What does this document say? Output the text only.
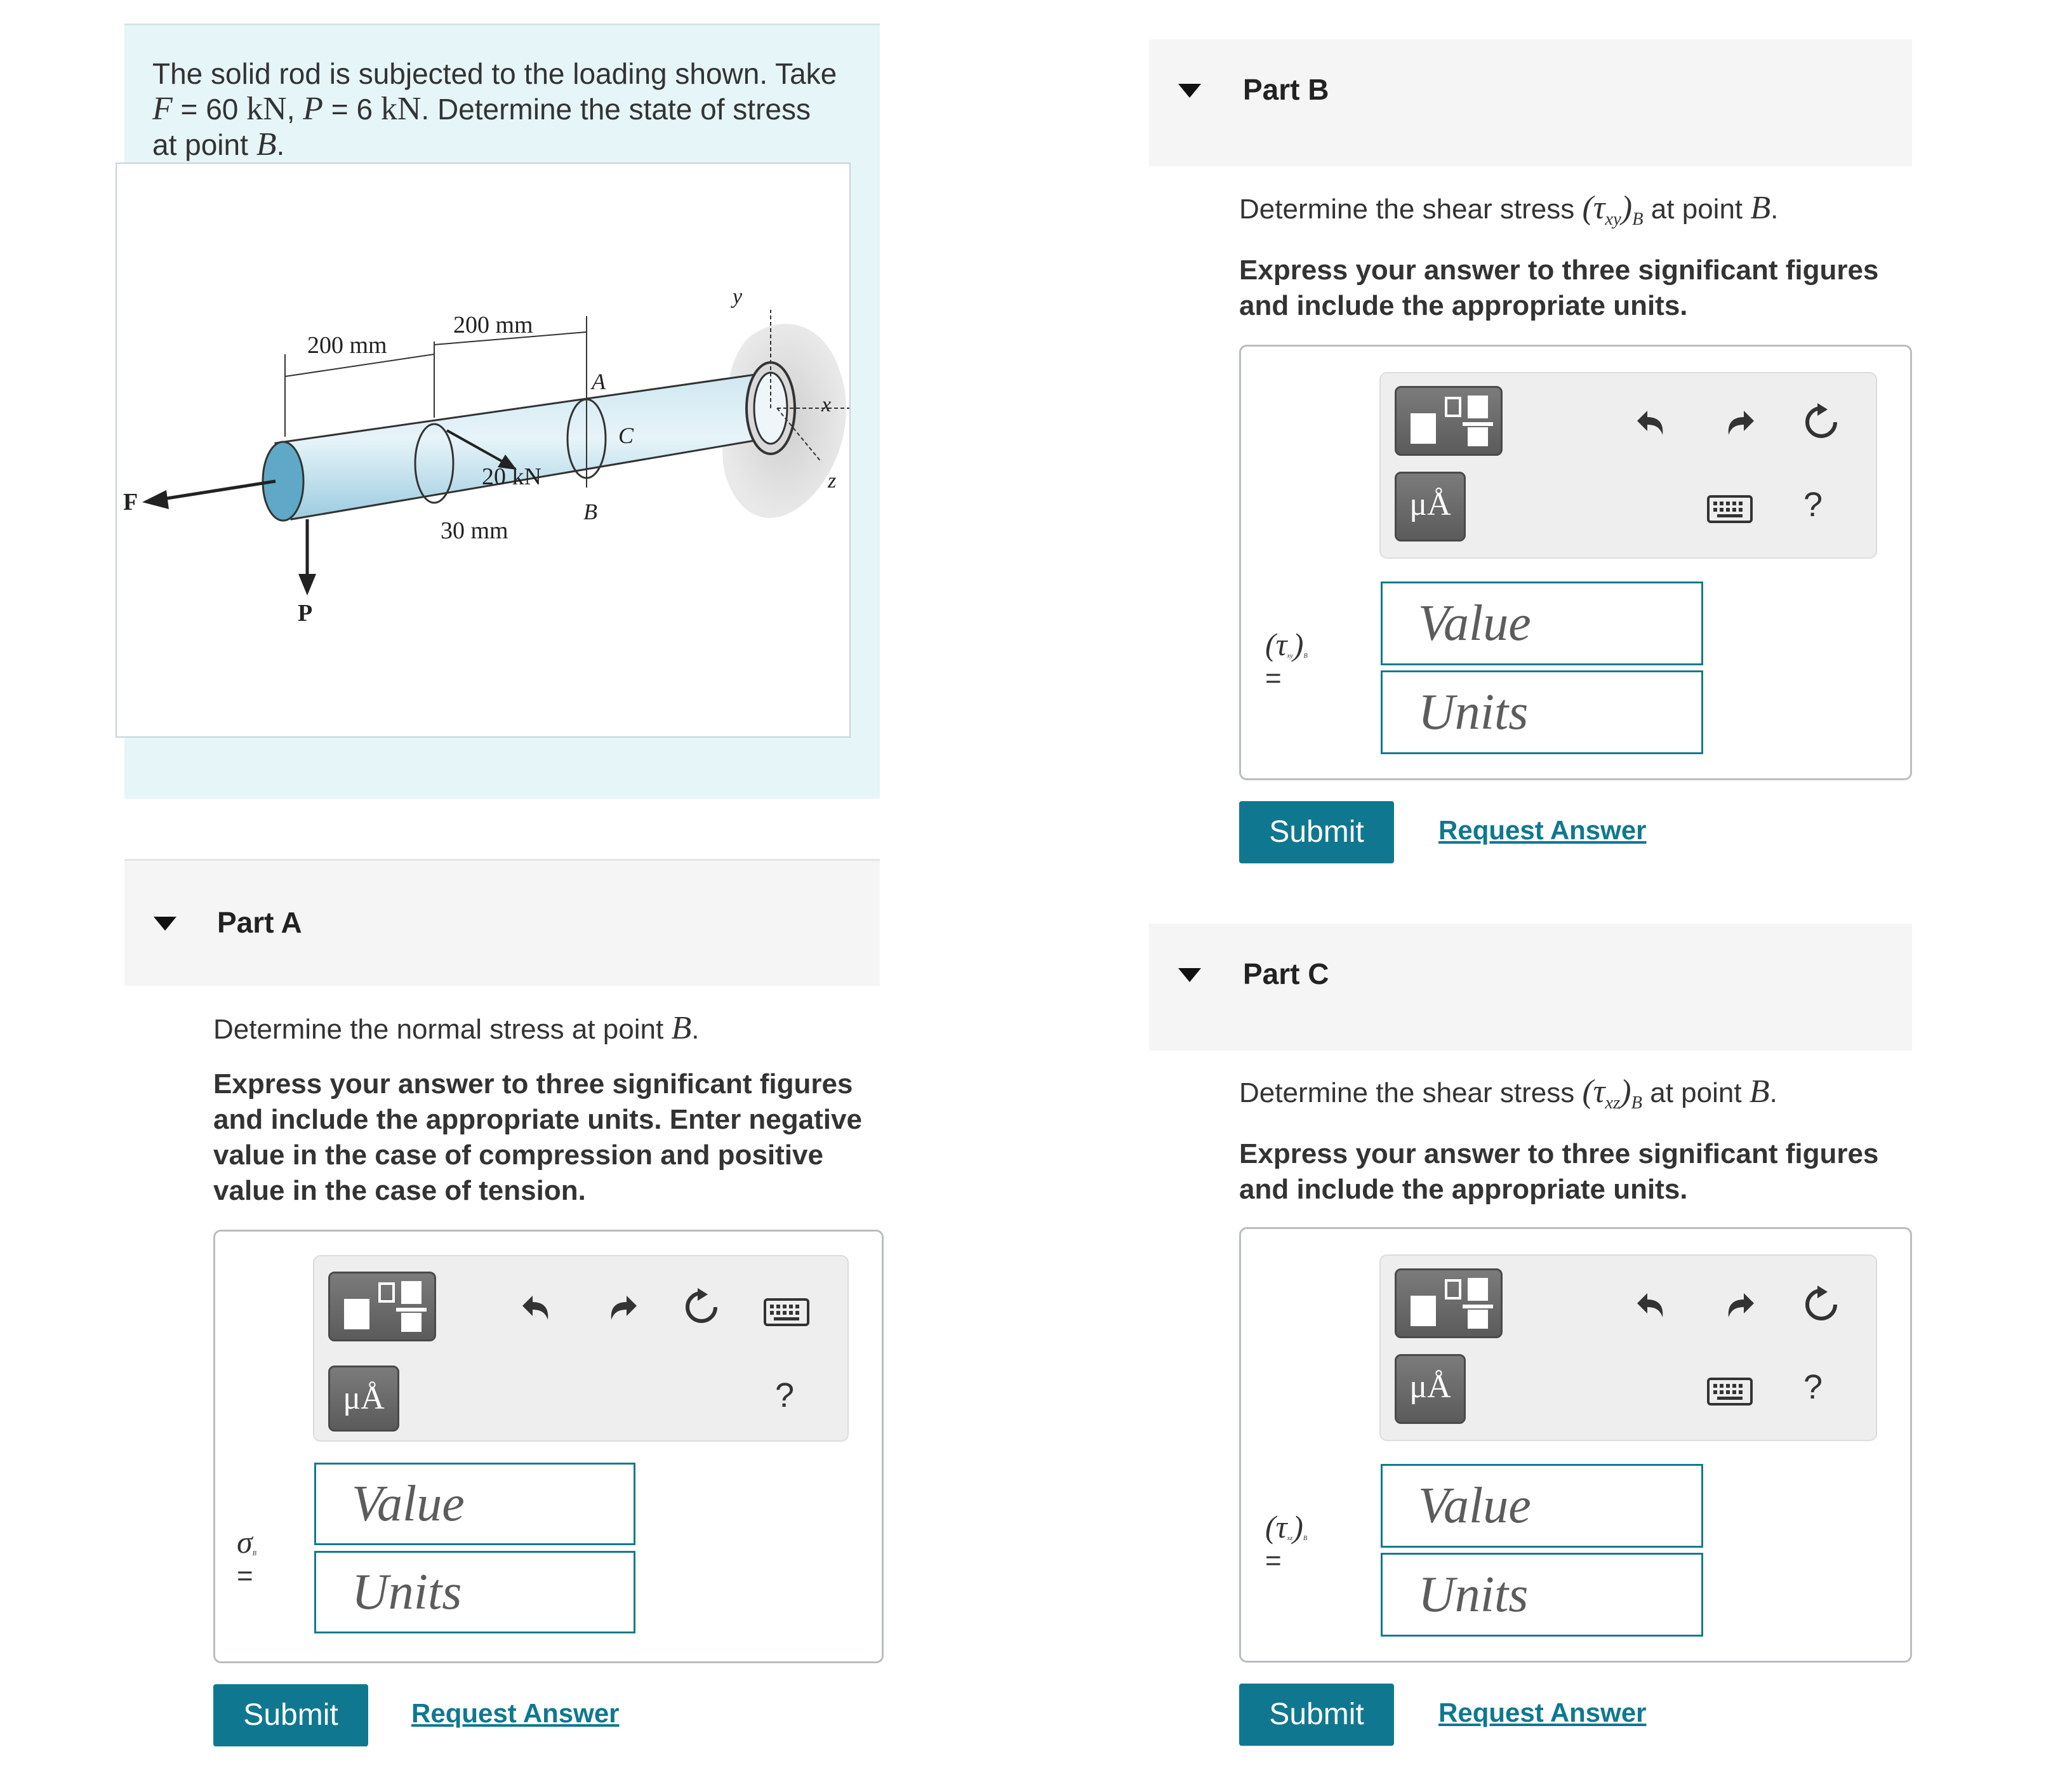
The solid rod is subjected to the loading shown. Take
F = 60 kN, P = 6 kN. Determine the state of stress
at point B.
200 mm
200 mm
20 kN
30 mm
x
y
z
A
C
B
F
P
Part A
Determine the normal stress at point B.
Express your answer to three significant figures and include the appropriate units. Enter negative value in the case of compression and positive value in the case of tension.
μÅ	?
$\sigma_B$
=
Value
Units
Submit	Request Answer
Part B
Determine the shear stress $(\tau_{xy})_B$ at point B.
Express your answer to three significant figures and include the appropriate units.
μÅ	?
$(\tau_{xy})_B$
=
Value
Units
Submit	Request Answer
Part C
Determine the shear stress $(\tau_{xz})_B$ at point B.
Express your answer to three significant figures and include the appropriate units.
μÅ	?
$(\tau_{xz})_B$
=
Value
Units
Submit	Request Answer
